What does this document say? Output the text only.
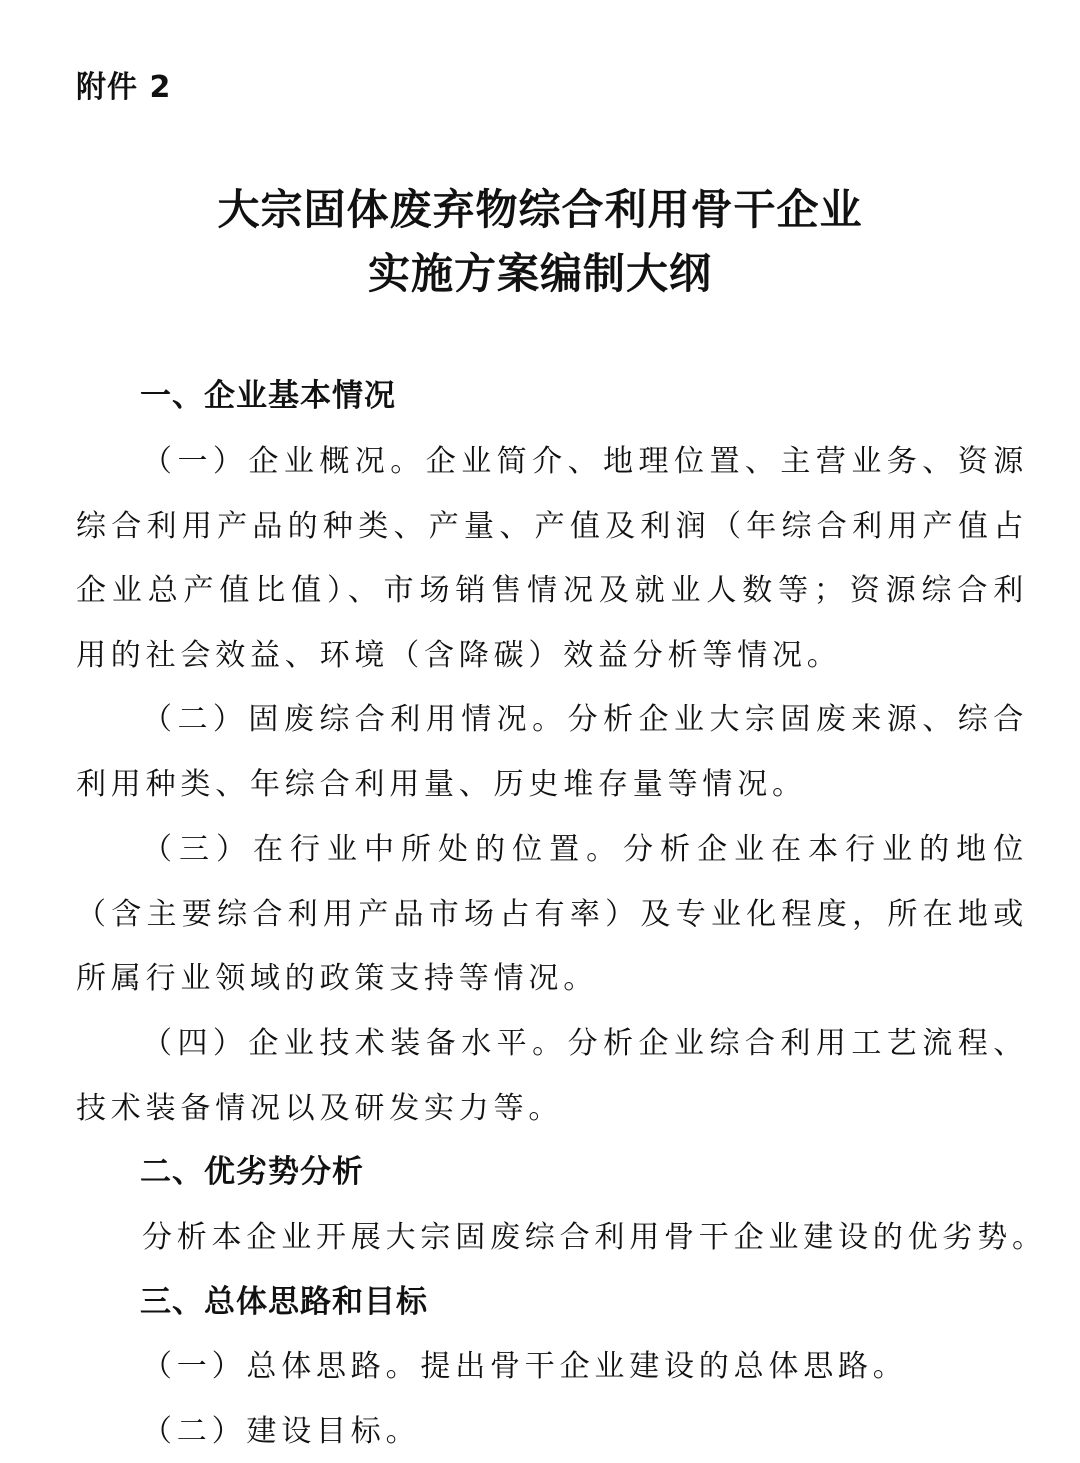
附件 2
大宗固体废弃物综合利用骨干企业
实施方案编制大纲
一、企业基本情况
（一）企业概况。企业简介、地理位置、主营业务、资源综合利用产品的种类、产量、产值及利润（年综合利用产值占企业总产值比值）、市场销售情况及就业人数等；资源综合利用的社会效益、环境（含降碳）效益分析等情况。
（二）固废综合利用情况。分析企业大宗固废来源、综合利用种类、年综合利用量、历史堆存量等情况。
（三）在行业中所处的位置。分析企业在本行业的地位（含主要综合利用产品市场占有率）及专业化程度，所在地或所属行业领域的政策支持等情况。
（四）企业技术装备水平。分析企业综合利用工艺流程、技术装备情况以及研发实力等。
二、优劣势分析
分析本企业开展大宗固废综合利用骨干企业建设的优劣势。
三、总体思路和目标
（一）总体思路。提出骨干企业建设的总体思路。
（二）建设目标。
